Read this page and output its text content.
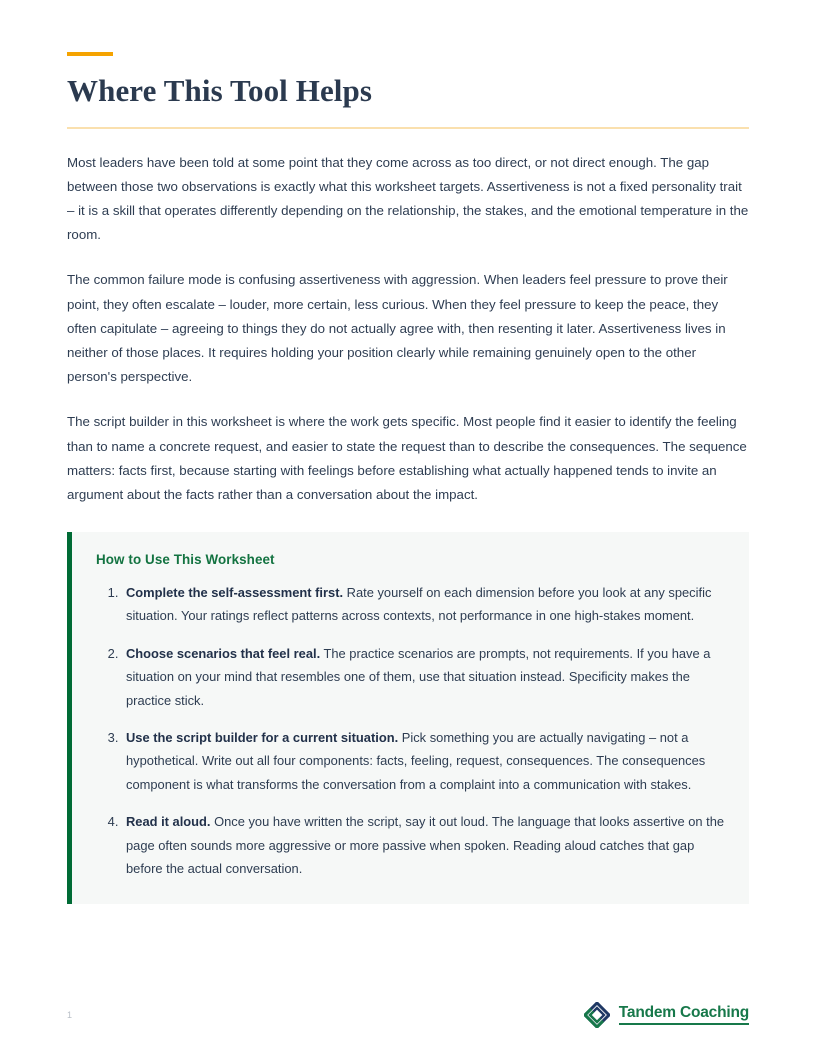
Where This Tool Helps

Most leaders have been told at some point that they come across as too direct, or not direct enough. The gap between those two observations is exactly what this worksheet targets. Assertiveness is not a fixed personality trait – it is a skill that operates differently depending on the relationship, the stakes, and the emotional temperature in the room.

The common failure mode is confusing assertiveness with aggression. When leaders feel pressure to prove their point, they often escalate – louder, more certain, less curious. When they feel pressure to keep the peace, they often capitulate – agreeing to things they do not actually agree with, then resenting it later. Assertiveness lives in neither of those places. It requires holding your position clearly while remaining genuinely open to the other person's perspective.

The script builder in this worksheet is where the work gets specific. Most people find it easier to identify the feeling than to name a concrete request, and easier to state the request than to describe the consequences. The sequence matters: facts first, because starting with feelings before establishing what actually happened tends to invite an argument about the facts rather than a conversation about the impact.

How to Use This Worksheet
1. Complete the self-assessment first. Rate yourself on each dimension before you look at any specific situation. Your ratings reflect patterns across contexts, not performance in one high-stakes moment.
2. Choose scenarios that feel real. The practice scenarios are prompts, not requirements. If you have a situation on your mind that resembles one of them, use that situation instead. Specificity makes the practice stick.
3. Use the script builder for a current situation. Pick something you are actually navigating – not a hypothetical. Write out all four components: facts, feeling, request, consequences. The consequences component is what transforms the conversation from a complaint into a communication with stakes.
4. Read it aloud. Once you have written the script, say it out loud. The language that looks assertive on the page often sounds more aggressive or more passive when spoken. Reading aloud catches that gap before the actual conversation.
1	Tandem Coaching
